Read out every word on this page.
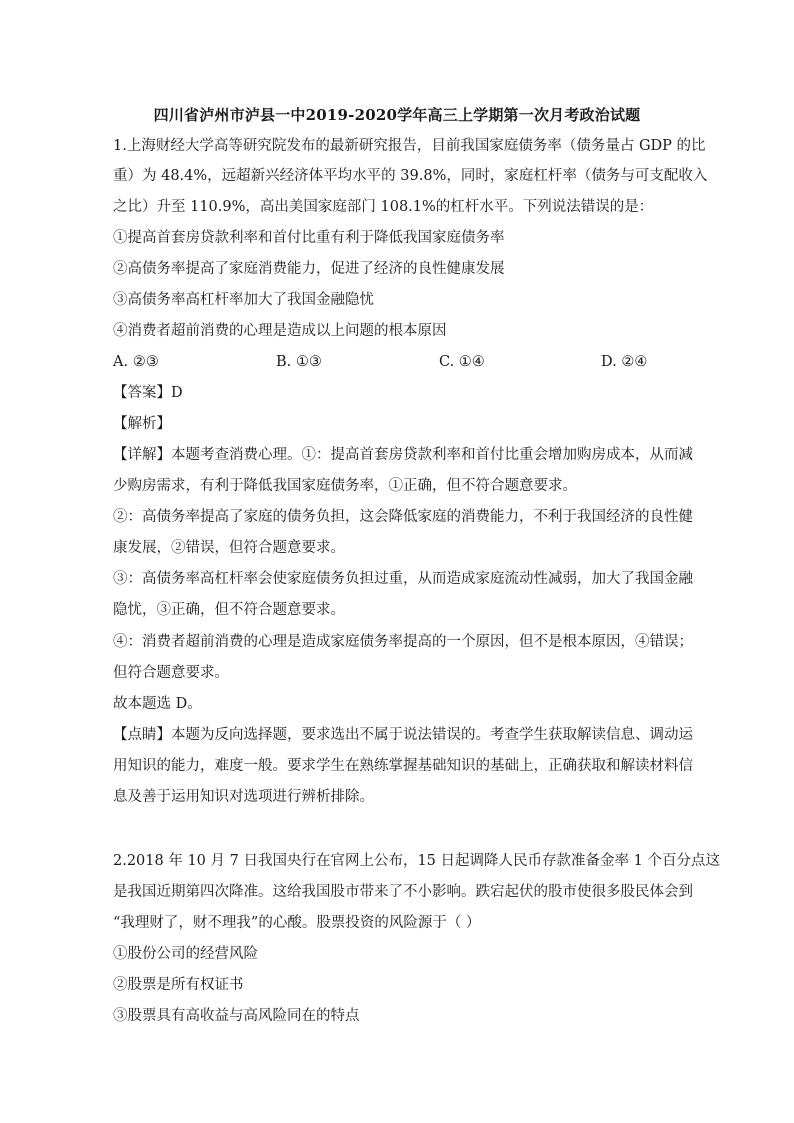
四川省泸州市泸县一中2019-2020学年高三上学期第一次月考政治试题
1.上海财经大学高等研究院发布的最新研究报告，目前我国家庭债务率（债务量占 GDP 的比
重）为 48.4%，远超新兴经济体平均水平的 39.8%，同时，家庭杠杆率（债务与可支配收入
之比）升至 110.9%，高出美国家庭部门 108.1%的杠杆水平。下列说法错误的是：
①提高首套房贷款利率和首付比重有利于降低我国家庭债务率
②高债务率提高了家庭消费能力，促进了经济的良性健康发展
③高债务率高杠杆率加大了我国金融隐忧
④消费者超前消费的心理是造成以上问题的根本原因
A. ②③	B. ①③	C. ①④	D. ②④
【答案】D
【解析】
【详解】本题考查消费心理。①：提高首套房贷款利率和首付比重会增加购房成本，从而减
少购房需求，有利于降低我国家庭债务率，①正确，但不符合题意要求。
②：高债务率提高了家庭的债务负担，这会降低家庭的消费能力，不利于我国经济的良性健
康发展，②错误，但符合题意要求。
③：高债务率高杠杆率会使家庭债务负担过重，从而造成家庭流动性减弱，加大了我国金融
隐忧，③正确，但不符合题意要求。
④：消费者超前消费的心理是造成家庭债务率提高的一个原因，但不是根本原因，④错误；
但符合题意要求。
故本题选 D。
【点睛】本题为反向选择题，要求选出不属于说法错误的。考查学生获取解读信息、调动运
用知识的能力，难度一般。要求学生在熟练掌握基础知识的基础上，正确获取和解读材料信
息及善于运用知识对选项进行辨析排除。

2.2018 年 10 月 7 日我国央行在官网上公布，15 日起调降人民币存款准备金率 1 个百分点这
是我国近期第四次降准。这给我国股市带来了不小影响。跌宕起伏的股市使很多股民体会到
“我理财了，财不理我”的心酸。股票投资的风险源于（ ）
①股份公司的经营风险
②股票是所有权证书
③股票具有高收益与高风险同在的特点
